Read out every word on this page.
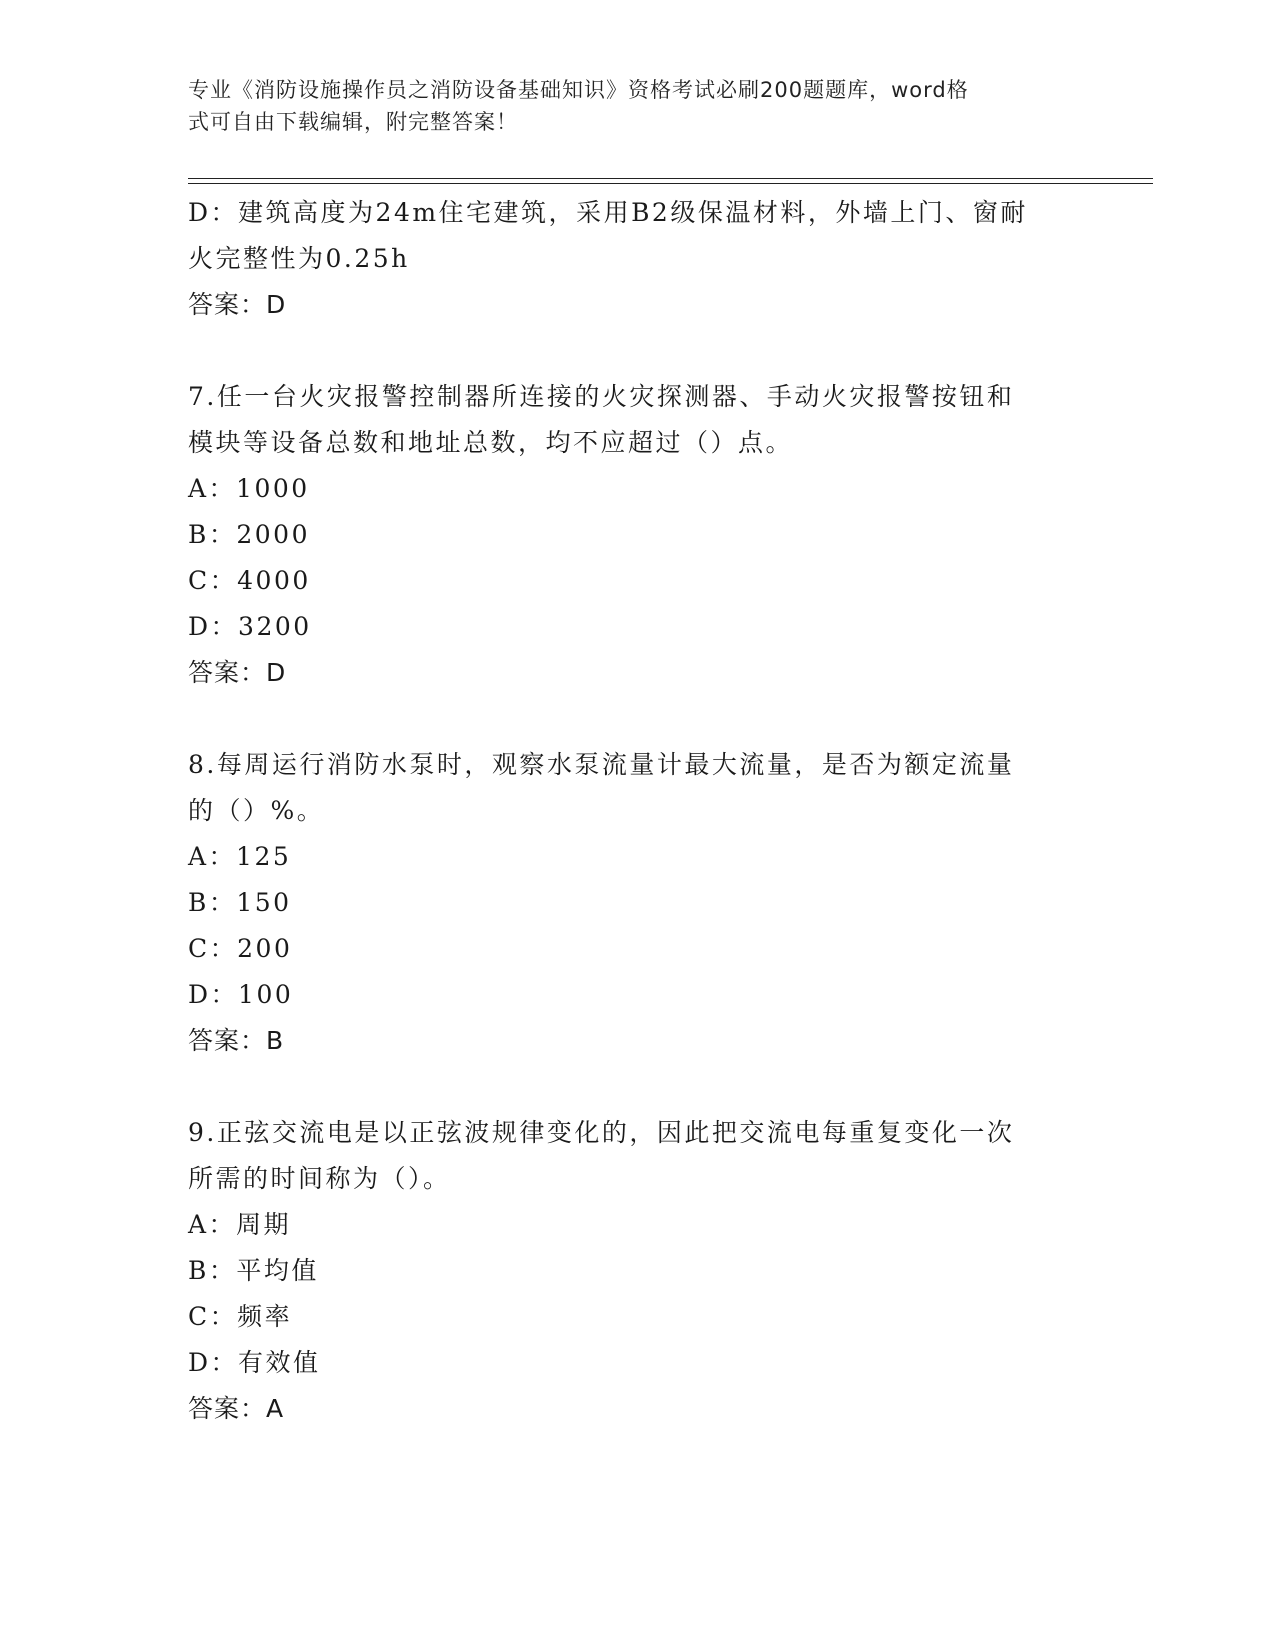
专业《消防设施操作员之消防设备基础知识》资格考试必刷200题题库，word格
式可自由下载编辑，附完整答案！
D：建筑高度为24m住宅建筑，采用B2级保温材料，外墙上门、窗耐
火完整性为0.25h
答案：D
7.任一台火灾报警控制器所连接的火灾探测器、手动火灾报警按钮和
模块等设备总数和地址总数，均不应超过（）点。
A：1000
B：2000
C：4000
D：3200
答案：D
8.每周运行消防水泵时，观察水泵流量计最大流量，是否为额定流量
的（）%。
A：125
B：150
C：200
D：100
答案：B
9.正弦交流电是以正弦波规律变化的，因此把交流电每重复变化一次
所需的时间称为（）。
A：周期
B：平均值
C：频率
D：有效值
答案：A
